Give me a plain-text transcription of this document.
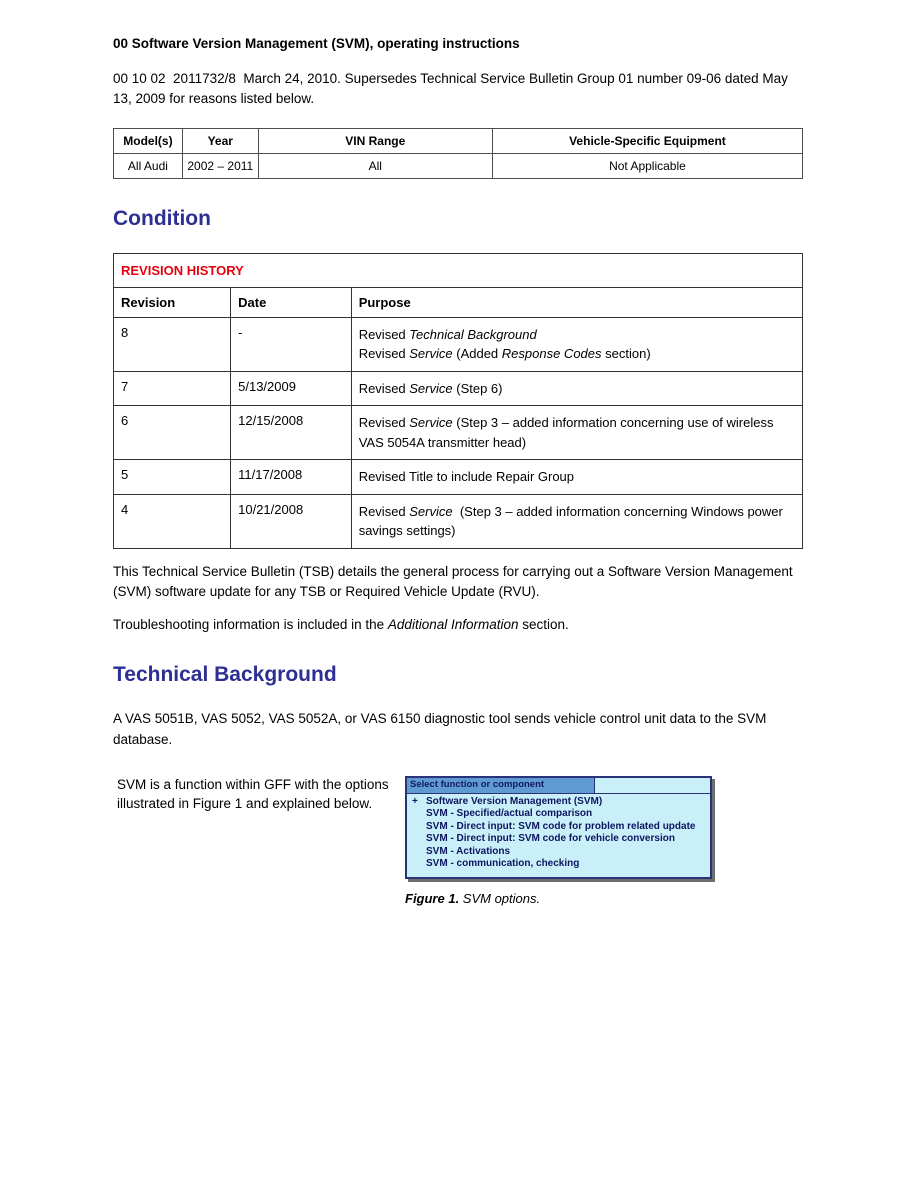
00 Software Version Management (SVM), operating instructions

00 10 02  2011732/8  March 24, 2010. Supersedes Technical Service Bulletin Group 01 number 09-06 dated May 13, 2009 for reasons listed below.

Model(s)	Year	VIN Range	Vehicle-Specific Equipment
All Audi	2002 – 2011	All	Not Applicable
Condition
REVISION HISTORY		
Revision	Date	Purpose
8	-	Revised Technical Background
Revised Service (Added Response Codes section)

7	5/13/2009	Revised Service (Step 6)

6	12/15/2008	Revised Service (Step 3 – added information concerning use of wireless VAS 5054A transmitter head)

5	11/17/2008	Revised Title to include Repair Group

4	10/21/2008	Revised Service  (Step 3 – added information concerning Windows power savings settings)

This Technical Service Bulletin (TSB) details the general process for carrying out a Software Version Management (SVM) software update for any TSB or Required Vehicle Update (RVU).

Troubleshooting information is included in the Additional Information section.

Technical Background

A VAS 5051B, VAS 5052, VAS 5052A, or VAS 6150 diagnostic tool sends vehicle control unit data to the SVM database.

SVM is a function within GFF with the options illustrated in Figure 1 and explained below.
Select function or component
+ Software Version Management (SVM)
SVM - Specified/actual comparison
SVM - Direct input: SVM code for problem related update
SVM - Direct input: SVM code for vehicle conversion
SVM - Activations
SVM - communication, checking
Figure 1. SVM options.
